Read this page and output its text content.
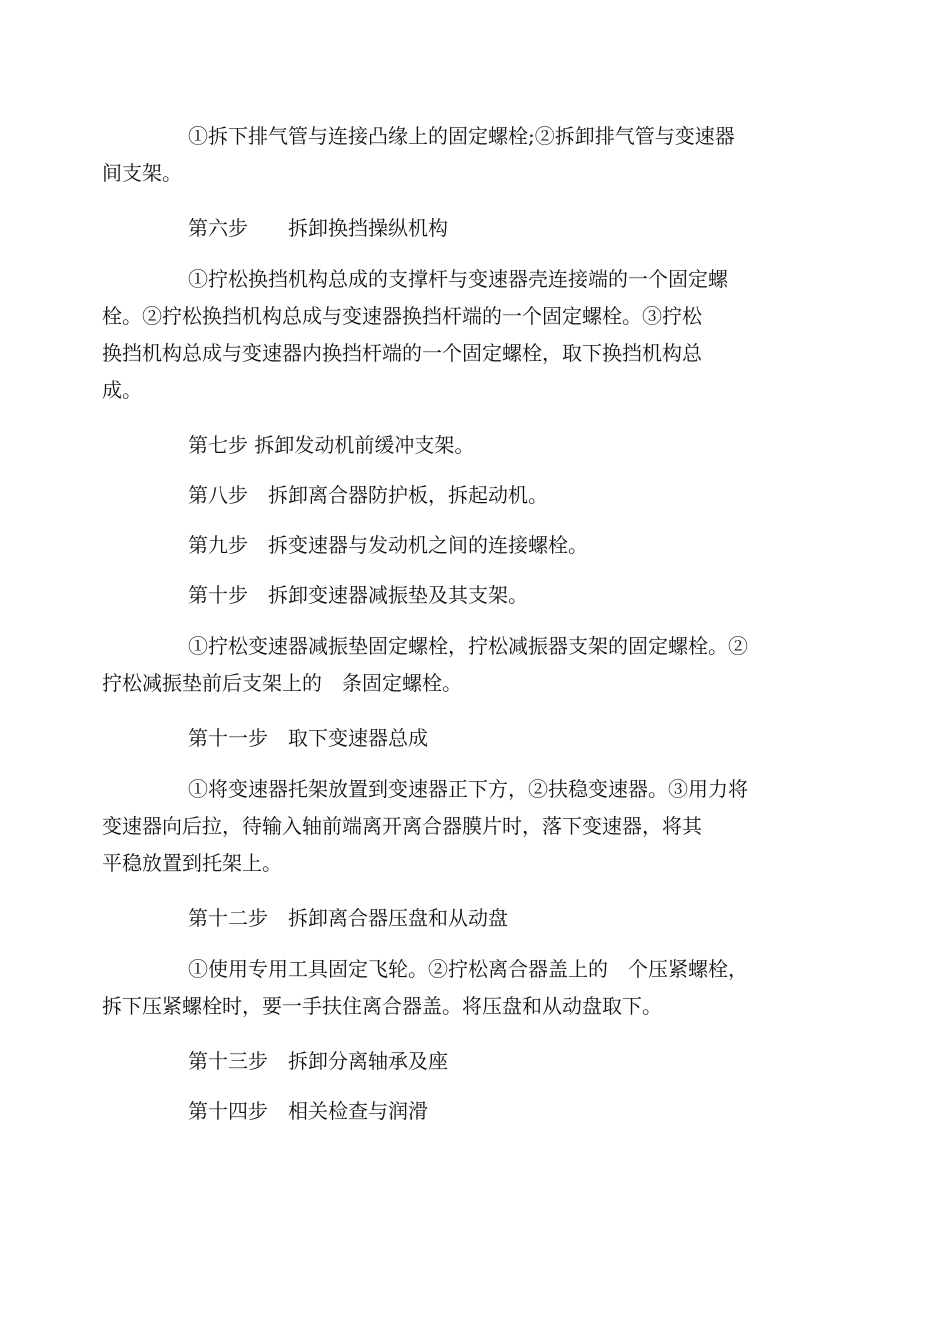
①拆下排气管与连接凸缘上的固定螺栓;②拆卸排气管与变速器
间支架。

第六步　　拆卸换挡操纵机构

①拧松换挡机构总成的支撑杆与变速器壳连接端的一个固定螺
栓。②拧松换挡机构总成与变速器换挡杆端的一个固定螺栓。③拧松
换挡机构总成与变速器内换挡杆端的一个固定螺栓，取下换挡机构总
成。

第七步 拆卸发动机前缓冲支架。

第八步　拆卸离合器防护板，拆起动机。

第九步　拆变速器与发动机之间的连接螺栓。

第十步　拆卸变速器减振垫及其支架。

①拧松变速器减振垫固定螺栓，拧松减振器支架的固定螺栓。②
拧松减振垫前后支架上的　条固定螺栓。

第十一步　取下变速器总成

①将变速器托架放置到变速器正下方，②扶稳变速器。③用力将
变速器向后拉，待输入轴前端离开离合器膜片时，落下变速器，将其
平稳放置到托架上。

第十二步　拆卸离合器压盘和从动盘

①使用专用工具固定飞轮。②拧松离合器盖上的　个压紧螺栓，
拆下压紧螺栓时，要一手扶住离合器盖。将压盘和从动盘取下。

第十三步　拆卸分离轴承及座

第十四步　相关检查与润滑
